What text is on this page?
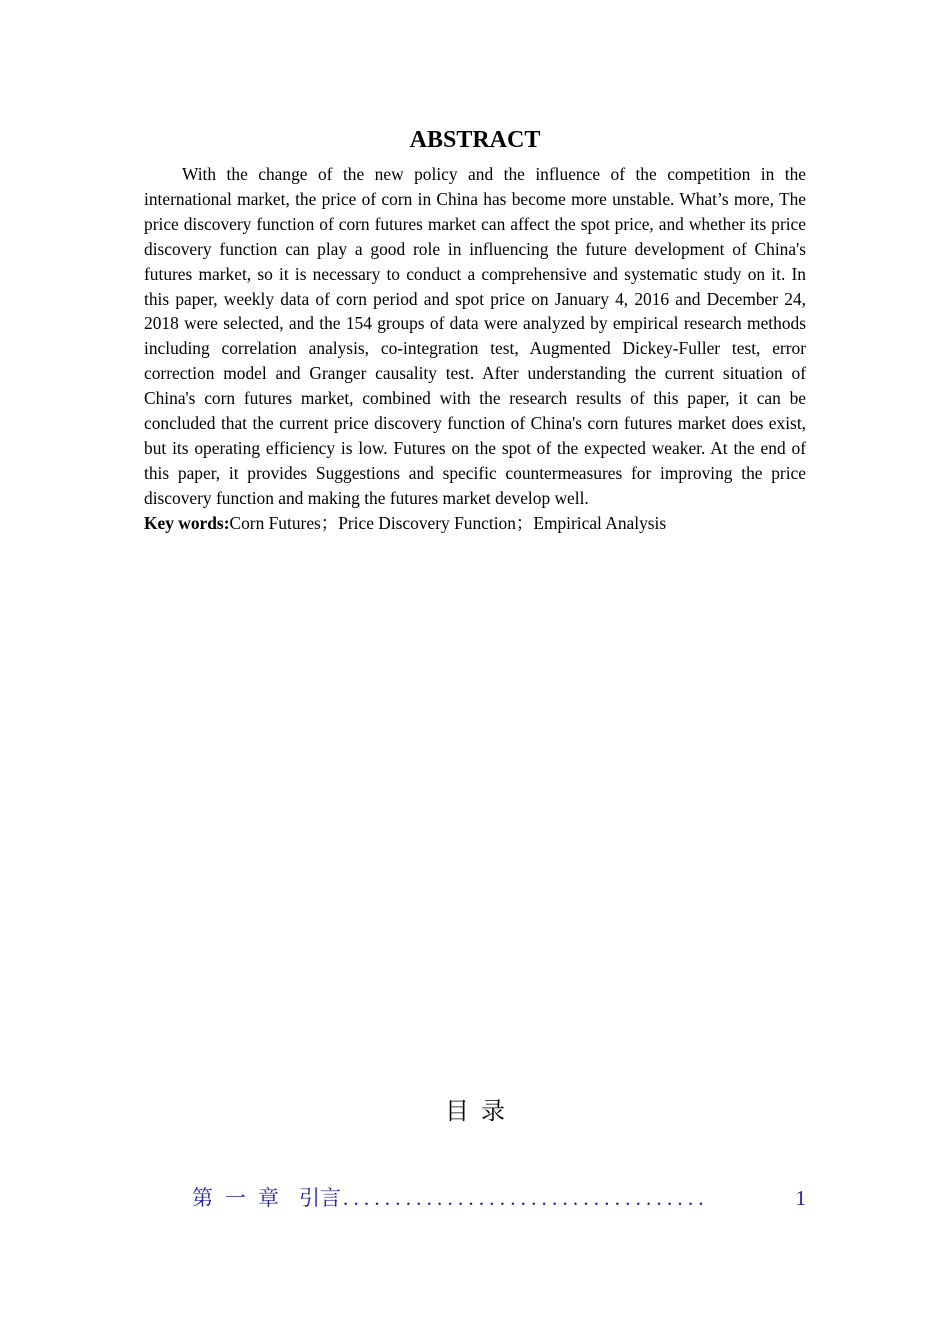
ABSTRACT

With the change of the new policy and the influence of the competition in the international market, the price of corn in China has become more unstable. What’s more, The price discovery function of corn futures market can affect the spot price, and whether its price discovery function can play a good role in influencing the future development of China's futures market, so it is necessary to conduct a comprehensive and systematic study on it. In this paper, weekly data of corn period and spot price on January 4, 2016 and December 24, 2018 were selected, and the 154 groups of data were analyzed by empirical research methods including correlation analysis, co-integration test, Augmented Dickey-Fuller test, error correction model and Granger causality test. After understanding the current situation of China's corn futures market, combined with the research results of this paper, it can be concluded that the current price discovery function of China's corn futures market does exist, but its operating efficiency is low. Futures on the spot of the expected weaker. At the end of this paper, it provides Suggestions and specific countermeasures for improving the price discovery function and making the futures market develop well.

Key words:Corn Futures；Price Discovery Function；Empirical Analysis

目录
第一章 引言 ...................................	1
